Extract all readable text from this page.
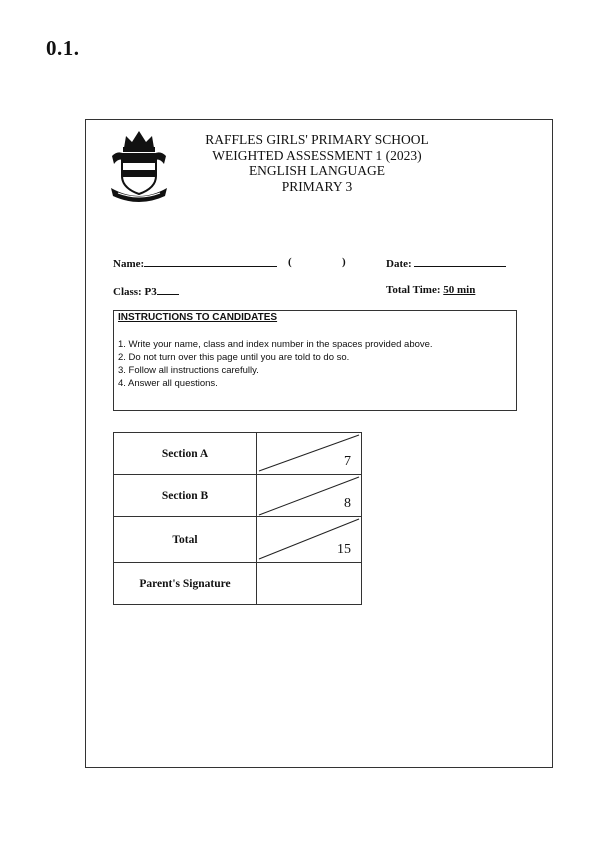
0.1.
RAFFLES GIRLS' PRIMARY SCHOOL
WEIGHTED ASSESSMENT 1 (2023)
ENGLISH LANGUAGE
PRIMARY 3
Name:	(	)	Date:
Class: P3	Total Time: 50 min
INSTRUCTIONS TO CANDIDATES
1. Write your name, class and index number in the spaces provided above.
2. Do not turn over this page until you are told to do so.
3. Follow all instructions carefully.
4. Answer all questions.
Section A	7

Section B	8

Total	15

Parent's Signature	
